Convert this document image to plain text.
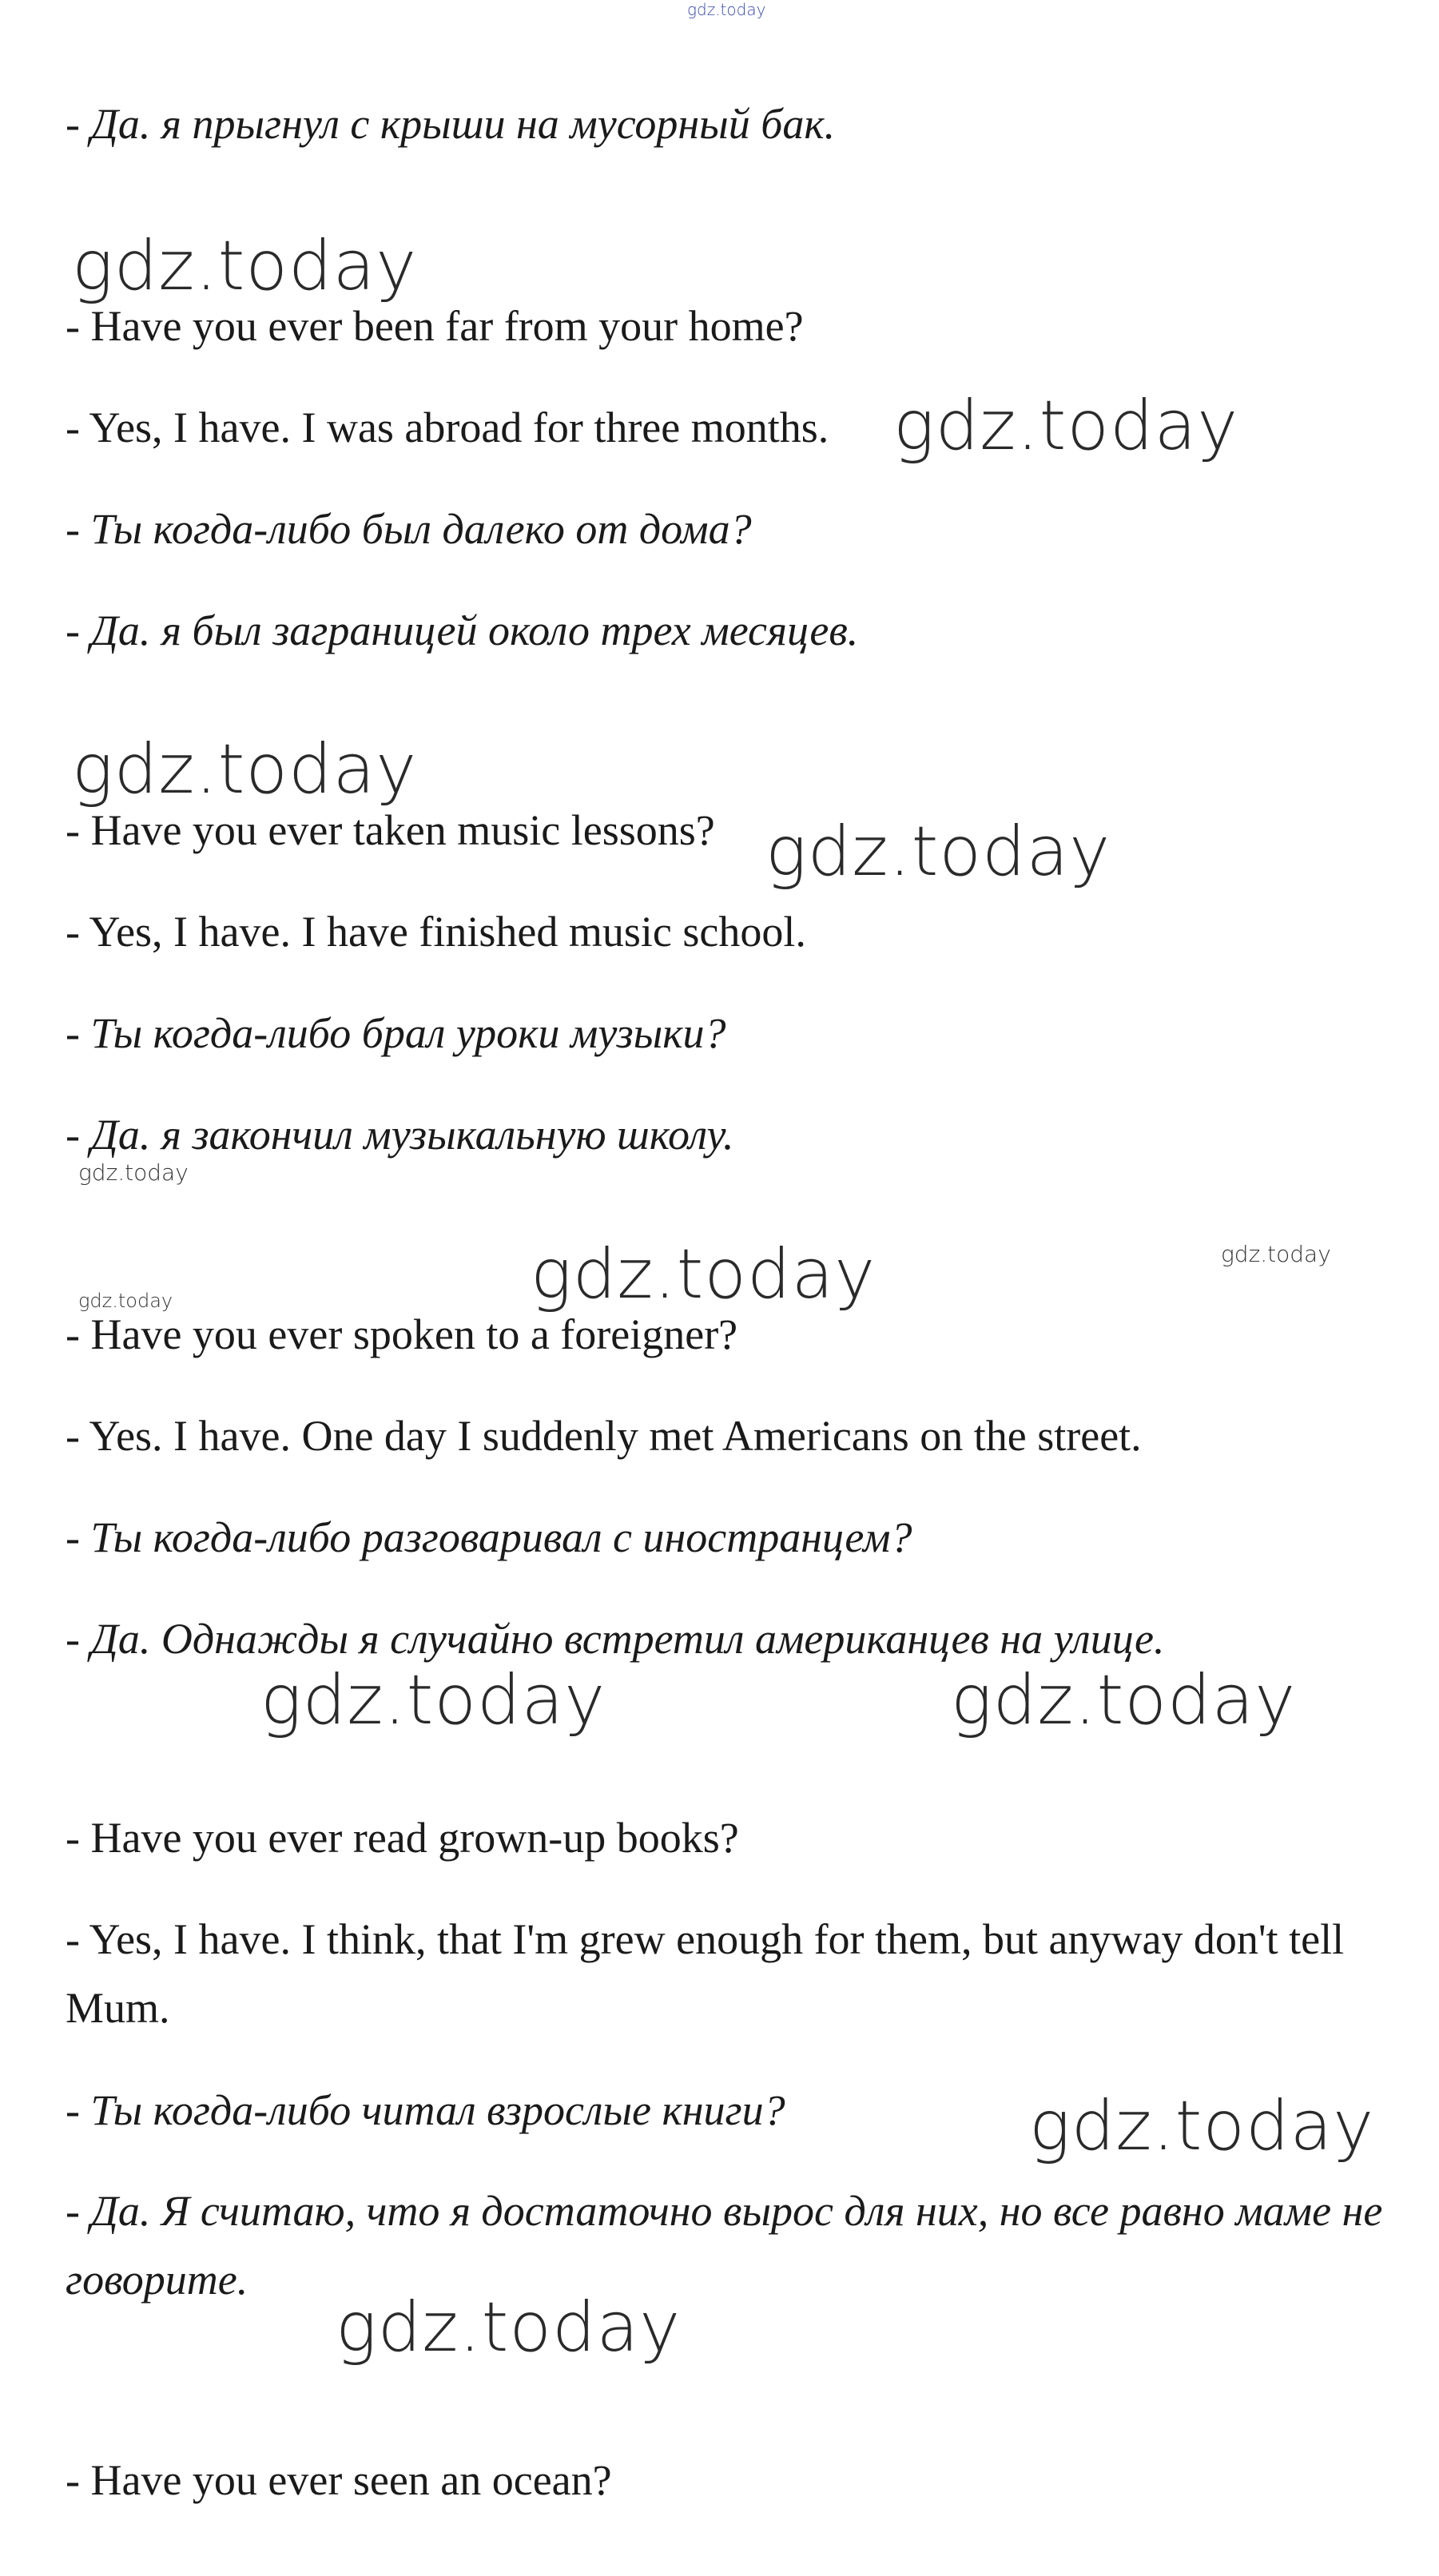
gdz.today

- Да. я прыгнул с крыши на мусорный бак.

- Have you ever been far from your home?

- Yes, I have. I was abroad for three months.

- Ты когда-либо был далеко от дома?

- Да. я был заграницей около трех месяцев.

- Have you ever taken music lessons?

- Yes, I have. I have finished music school.

- Ты когда-либо брал уроки музыки?

- Да. я закончил музыкальную школу.

- Have you ever spoken to a foreigner?

- Yes. I have. One day I suddenly met Americans on the street.

- Ты когда-либо разговаривал с иностранцем?

- Да. Однажды я случайно встретил американцев на улице.

- Have you ever read grown-up books?

- Yes, I have. I think, that I'm grew enough for them, but anyway don't tell Mum.

- Ты когда-либо читал взрослые книги?

- Да. Я считаю, что я достаточно вырос для них, но все равно маме не говорите.

- Have you ever seen an ocean?

gdz.today
gdz.today
gdz.today
gdz.today
gdz.today
gdz.today	gdz.today
gdz.today
gdz.today
gdz.today
gdz.today
gdz.today
